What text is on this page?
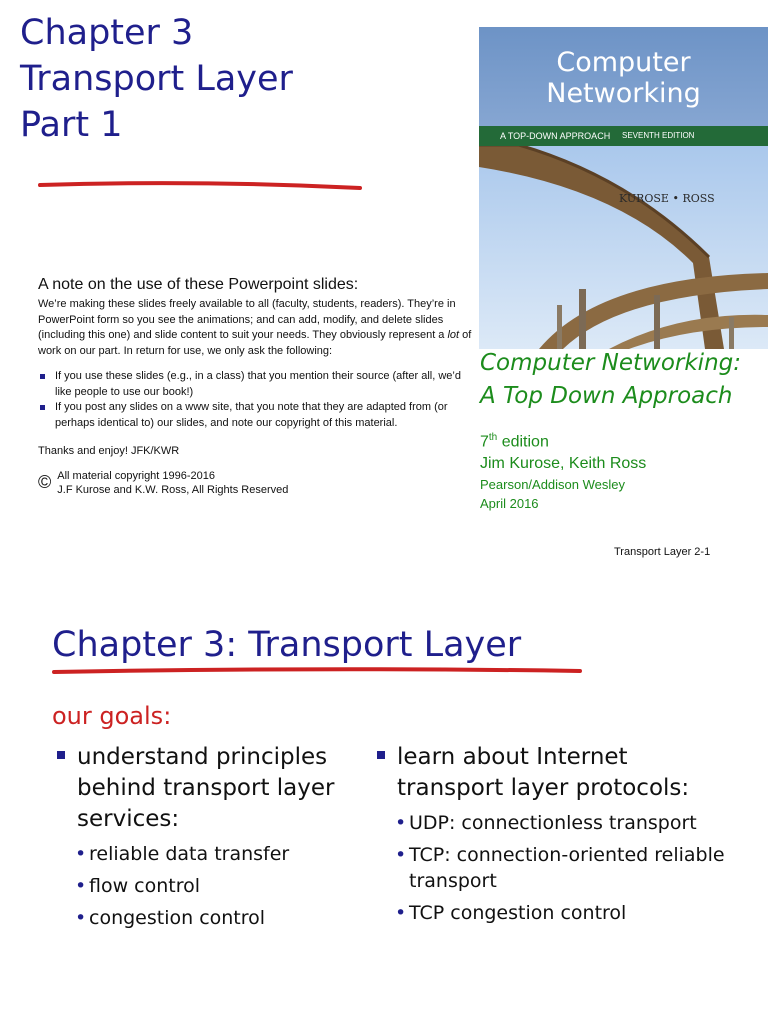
Chapter 3
Transport Layer
Part 1
A note on the use of these Powerpoint slides:
We’re making these slides freely available to all (faculty, students, readers). They’re in PowerPoint form so you see the animations; and can add, modify, and delete slides (including this one) and slide content to suit your needs. They obviously represent a lot of work on our part. In return for use, we only ask the following:
If you use these slides (e.g., in a class) that you mention their source (after all, we’d like people to use our book!)
If you post any slides on a www site, that you note that they are adapted from (or perhaps identical to) our slides, and note our copyright of this material.
Thanks and enjoy! JFK/KWR
© All material copyright 1996-2016
J.F Kurose and K.W. Ross, All Rights Reserved
Computer
Networking
A TOP-DOWN APPROACH SEVENTH EDITION
KUROSE • ROSS
Computer Networking: A Top Down Approach
7th edition
Jim Kurose, Keith Ross
Pearson/Addison Wesley
April 2016
Transport Layer 2-1
Chapter 3: Transport Layer
our goals:
understand principles behind transport layer services:
• reliable data transfer
• flow control
• congestion control
learn about Internet transport layer protocols:
• UDP: connectionless transport
• TCP: connection-oriented reliable transport
• TCP congestion control
